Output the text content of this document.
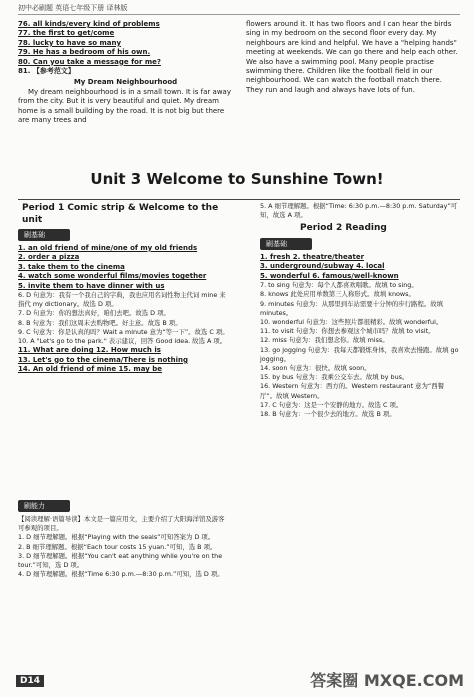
初中必刷题 英语七年级下册 译林版
76. all kinds/every kind of problems
77. the first to get/come
78. lucky to have so many
79. He has a bedroom of his own.
80. Can you take a message for me?
81. 【参考范文】
My Dream Neighbourhood
My dream neighbourhood is in a small town. It is far away from the city. But it is very beautiful and quiet. My dream home is a small building by the road. It is not big but there are many trees and
flowers around it. It has two floors and I can hear the birds sing in my bedroom on the second floor every day. My neighbours are kind and helpful. We have a "helping hands" meeting at weekends. We can go there and help each other. We also have a swimming pool. Many people practise swimming there. Children like the football field in our neighbourhood. We can watch the football match there. They run and laugh and always have lots of fun.
Unit 3 Welcome to Sunshine Town!
Period 1 Comic strip & Welcome to the unit
刷基础
1. an old friend of mine/one of my old friends
2. order a pizza
3. take them to the cinema
4. watch some wonderful films/movies together
5. invite them to have dinner with us
6. D 句意为：我有一个我自己的字典，我也应用名词性物主代词 mine 来指代 my dictionary。故选 D 项。
7. D 句意为：你的想法真好，咱们去吧。故选 D 项。
8. B 句意为：我们这周末去购物吧。好主意。故选 B 项。
9. C 句意为：你是认真的吗？Wait a minute 意为“等一下”。故选 C 项。
10. A "Let's go to the park." 表示建议，回答 Good idea. 故选 A 项。
11. What are doing 12. How much is
13. Let's go to the cinema/There is nothing
14. An old friend of mine 15. may be
刷能力
【阅读理解·语篇导读】本文是一篇应用文，主要介绍了大阳海洋馆及游客可参观的项目。
1. D 细节理解题。根据“Playing with the seals”可知答案为 D 项。
2. B 细节理解题。根据“Each tour costs 15 yuan.”可知，选 B 项。
3. D 细节理解题。根据“You can't eat anything while you're on the tour.”可知，选 D 项。
4. D 细节理解题。根据“Time 6:30 p.m.—8:30 p.m.”可知，选 D 项。
5. A 细节理解题。根据“Time: 6:30 p.m.—8:30 p.m. Saturday”可知，故选 A 项。
Period 2 Reading
刷基础
1. fresh 2. theatre/theater
3. underground/subway 4. local
5. wonderful 6. famous/well-known
7. to sing 句意为：每个人都喜欢唱歌。故填 to sing。
8. knows 此处应用单数第三人称形式。故填 knows。
9. minutes 句意为：从那里到车站需要十分钟的步行路程。故填 minutes。
10. wonderful 句意为：这些照片都很精彩。故填 wonderful。
11. to visit 句意为：你想去参观这个城市吗？故填 to visit。
12. miss 句意为：我们想念你。故填 miss。
13. go jogging 句意为：我每天都锻炼身体，我喜欢去慢跑。故填 go jogging。
14. soon 句意为：很快。故填 soon。
15. by bus 句意为：我乘公交车去。故填 by bus。
16. Western 句意为：西方的。Western restaurant 意为“西餐厅”。故填 Western。
17. C 句意为：这是一个安静的地方。故选 C 项。
18. B 句意为：一个很少去的地方。故选 B 项。
D14	答案圈 MXQE.COM
